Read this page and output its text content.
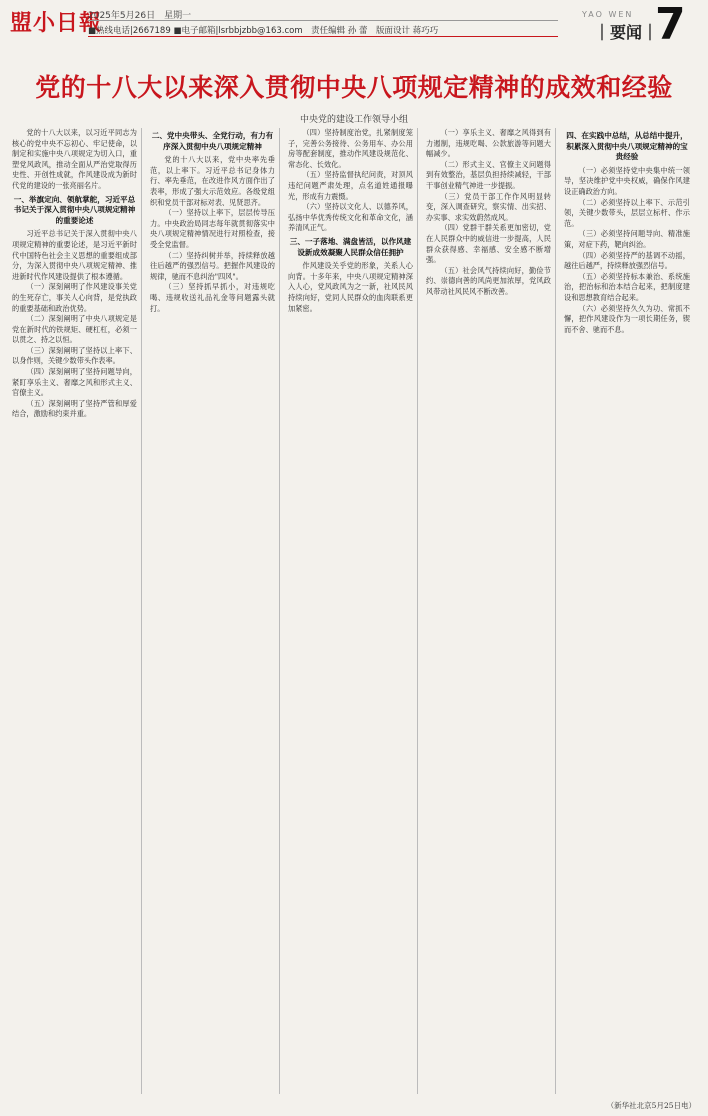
盟小日報
2025年5月26日　星期一
■热线电话|2667189 ■电子邮箱|lsrbbjzbb@163.com　责任编辑 孙 蕾　版面设计 蒋巧巧
YAO WEN
｜要闻｜
7
党的十八大以来深入贯彻中央八项规定精神的成效和经验
中央党的建设工作领导小组

党的十八大以来，以习近平同志为核心的党中央不忘初心、牢记使命，以制定和实施中央八项规定为切入口，重塑党风政风，推动全面从严治党取得历史性、开创性成就，作风建设成为新时代党的建设的一张亮丽名片。

一、举旗定向、领航掌舵，习近平总书记关于深入贯彻中央八项规定精神的重要论述

习近平总书记关于深入贯彻中央八项规定精神的重要论述，是习近平新时代中国特色社会主义思想的重要组成部分，为深入贯彻中央八项规定精神、推进新时代作风建设提供了根本遵循。

（一）深刻阐明了作风建设事关党的生死存亡，事关人心向背，是党执政的重要基础和政治优势。

（二）深刻阐明了中央八项规定是党在新时代的铁规矩、硬杠杠，必须一以贯之、持之以恒。

（三）深刻阐明了坚持以上率下、以身作则，关键少数带头作表率。

（四）深刻阐明了坚持问题导向，紧盯享乐主义、奢靡之风和形式主义、官僚主义。

（五）深刻阐明了坚持严管和厚爱结合，激励和约束并重。

二、党中央带头、全党行动，有力有序深入贯彻中央八项规定精神

党的十八大以来，党中央率先垂范，以上率下。习近平总书记身体力行、率先垂范，在改进作风方面作出了表率，形成了强大示范效应。各级党组织和党员干部对标对表、见贤思齐。

（一）坚持以上率下，层层传导压力。中央政治局同志每年就贯彻落实中央八项规定精神情况进行对照检查，接受全党监督。

（二）坚持纠树并举，持续释放越往后越严的强烈信号。把握作风建设的规律，驰而不息纠治"四风"。

（三）坚持抓早抓小，对违规吃喝、违规收送礼品礼金等问题露头就打。

（四）坚持制度治党，扎紧制度笼子，完善公务接待、公务用车、办公用房等配套制度，推动作风建设规范化、常态化、长效化。

（五）坚持监督执纪问责，对顶风违纪问题严肃处理，点名道姓通报曝光，形成有力震慑。

（六）坚持以文化人、以德养风，弘扬中华优秀传统文化和革命文化，涵养清风正气。

三、一子落地、满盘皆活，以作风建设新成效凝聚人民群众信任拥护

作风建设关乎党的形象，关系人心向背。十多年来，中央八项规定精神深入人心，党风政风为之一新，社风民风持续向好，党同人民群众的血肉联系更加紧密。

（一）享乐主义、奢靡之风得到有力遏制，违规吃喝、公款旅游等问题大幅减少。

（二）形式主义、官僚主义问题得到有效整治，基层负担持续减轻，干部干事创业精气神进一步提振。

（三）党员干部工作作风明显转变，深入调查研究，察实情、出实招、办实事、求实效蔚然成风。

（四）党群干群关系更加密切，党在人民群众中的威信进一步提高，人民群众获得感、幸福感、安全感不断增强。

（五）社会风气持续向好，勤俭节约、崇德向善的风尚更加浓厚，党风政风带动社风民风不断改善。

四、在实践中总结，从总结中提升，积累深入贯彻中央八项规定精神的宝贵经验

（一）必须坚持党中央集中统一领导，坚决维护党中央权威，确保作风建设正确政治方向。

（二）必须坚持以上率下、示范引领，关键少数带头，层层立标杆、作示范。

（三）必须坚持问题导向、精准施策，对症下药，靶向纠治。

（四）必须坚持严的基调不动摇，越往后越严，持续释放强烈信号。

（五）必须坚持标本兼治、系统施治，把治标和治本结合起来，把制度建设和思想教育结合起来。

（六）必须坚持久久为功、常抓不懈，把作风建设作为一项长期任务，锲而不舍、驰而不息。

（新华社北京5月25日电）
